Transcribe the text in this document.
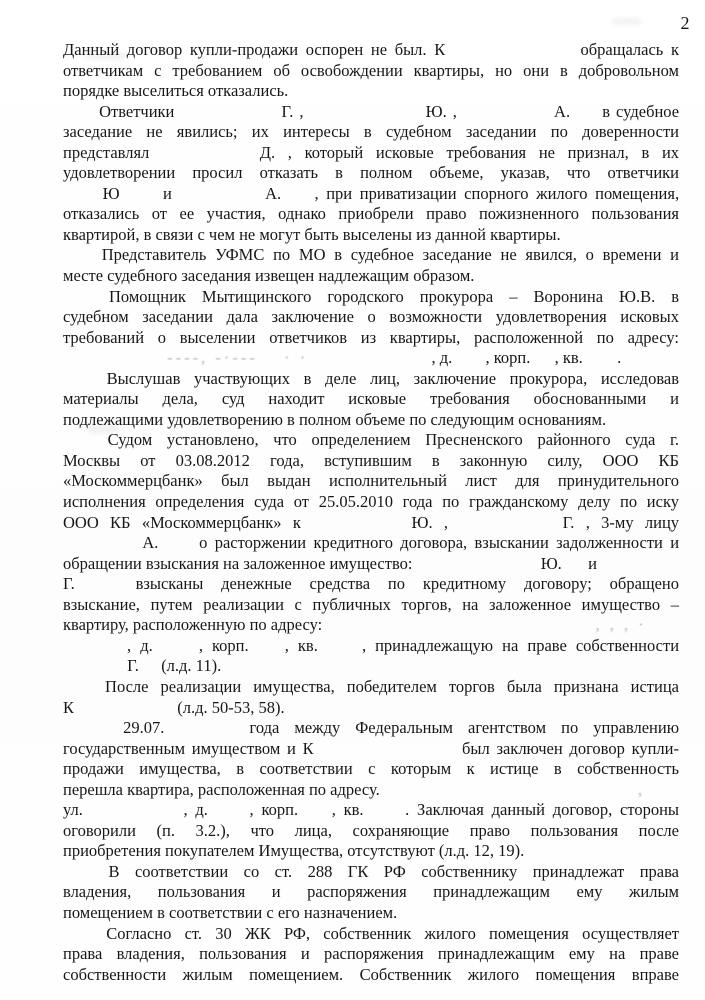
2
Данный договор купли-продажи оспорен не был. К	обращалась к
ответчикам с требованием об освобождении квартиры, но они в добровольном
порядке выселиться отказались.
Ответчики	Г. ,	Ю. ,	А. в судебное
заседание не явились; их интересы в судебном заседании по доверенности
представлял	Д. , который исковые требования не признал, в их
удовлетворении просил отказать в полном объеме, указав, что ответчики
Ю	и	А. , при приватизации спорного жилого помещения,
отказались от ее участия, однако приобрели право пожизненного пользования
квартирой, в связи с чем не могут быть выселены из данной квартиры.
Представитель УФМС по МО в судебное заседание не явился, о времени и
месте судебного заседания извещен надлежащим образом.
Помощник Мытищинского городского прокурора – Воронина Ю.В. в
судебном заседании дала заключение о возможности удовлетворения исковых
требований о выселении ответчиков из квартиры, расположенной по адресу:
----, -·--- · ·	, д. , корп. , кв. .
Выслушав участвующих в деле лиц, заключение прокурора, исследовав
материалы дела, суд находит исковые требования обоснованными и
подлежащими удовлетворению в полном объеме по следующим основаниям.
Судом установлено, что определением Пресненского районного суда г.
Москвы от 03.08.2012 года, вступившим в законную силу, ООО КБ
«Москоммерцбанк» был выдан исполнительный лист для принудительного
исполнения определения суда от 25.05.2010 года по гражданскому делу по иску
ООО КБ «Москоммерцбанк» к	Ю. ,	Г. , 3-му лицу
А. о расторжении кредитного договора, взыскании задолженности и
обращении взыскания на заложенное имущество:	Ю. и
Г.	взысканы денежные средства по кредитному договору; обращено
взыскание, путем реализации с публичных торгов, на заложенное имущество –
квартиру, расположенную по адресу:	, , , ·
, д.	, корп. , кв.	, принадлежащую на праве собственности
Г. (л.д. 11).
После реализации имущества, победителем торгов была признана истица
К	(л.д. 50-53, 58).
29.07.	года между Федеральным агентством по управлению
государственным имуществом и К	был заключен договор купли-
продажи имущества, в соответствии с которым к истице в собственность
перешла квартира, расположенная по адресу.	,
ул.	, д.	, корп. , кв.	. Заключая данный договор, стороны
оговорили (п. 3.2.), что лица, сохраняющие право пользования после
приобретения покупателем Имущества, отсутствуют (л.д. 12, 19).
В соответствии со ст. 288 ГК РФ собственнику принадлежат права
владения, пользования и распоряжения принадлежащим ему жилым
помещением в соответствии с его назначением.
Согласно ст. 30 ЖК РФ, собственник жилого помещения осуществляет
права владения, пользования и распоряжения принадлежащим ему на праве
собственности жилым помещением. Собственник жилого помещения вправе
